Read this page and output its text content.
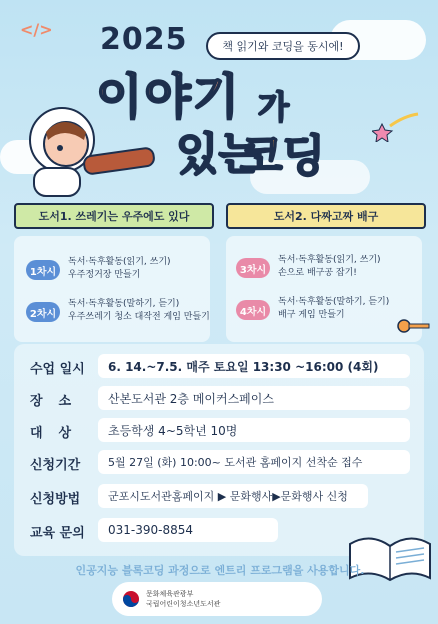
</> 2025	책 읽기와 코딩을 동시에!
이야기 가
있는
코딩
도서1. 쓰레기는 우주에도 있다	도서2. 다짜고짜 배구
1차시
독서·독후활동(읽기, 쓰기)
우주정거장 만들기
2차시
독서·독후활동(말하기, 듣기)
우주쓰레기 청소 대작전 게임 만들기
3차시
독서·독후활동(읽기, 쓰기)
손으로 배구공 잡기!
4차시
독서·독후활동(말하기, 듣기)
배구 게임 만들기
수업 일시	6. 14.~7.5. 매주 토요일 13:30 ~16:00 (4회)
장소	산본도서관 2층 메이커스페이스
대상	초등학생 4~5학년 10명
신청기간	5월 27일 (화) 10:00~ 도서관 홈페이지 선착순 접수
신청방법	군포시도서관홈페이지 ▶ 문화행사▶문화행사 신청
교육 문의	031-390-8854
인공지능 블록코딩 과정으로 엔트리 프로그램을 사용합니다.
문화체육관광부
국립어린이청소년도서관
